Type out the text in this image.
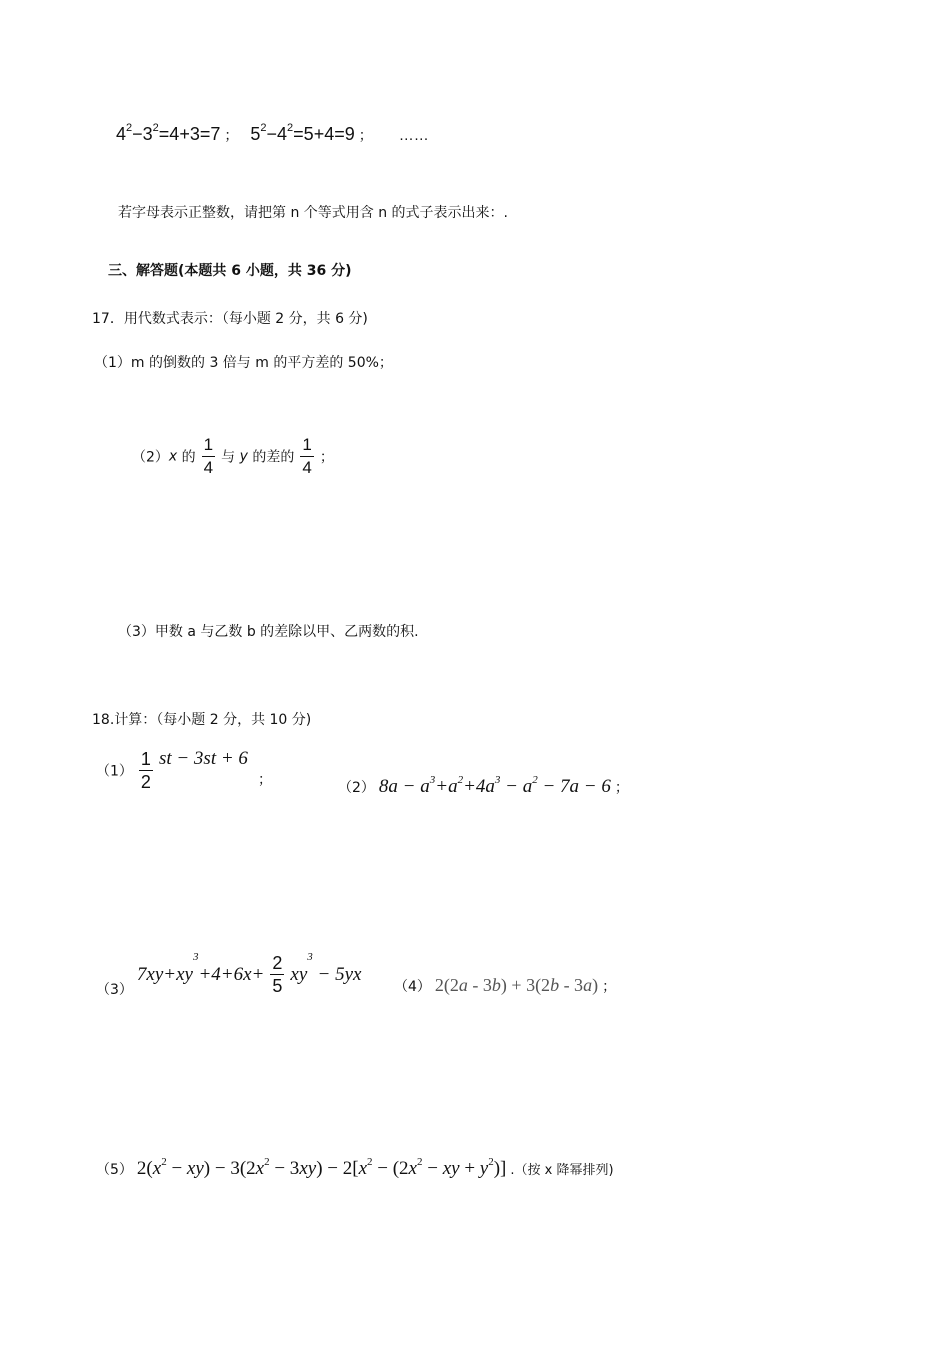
$4^2-3^2=4+3=7$ ； $5^2-4^2=5+4=9$ ； ……
若字母表示正整数，请把第 n 个等式用含 n 的式子表示出来：.
三、解答题(本题共 6 小题，共 36 分)
17．用代数式表示：（每小题 2 分，共 6 分)
（1）m 的倒数的 3 倍与 m 的平方差的 50%；
（2）x 的 $\frac{1}{4}$ 与 y 的差的 $\frac{1}{4}$ ；
（3）甲数 a 与乙数 b 的差除以甲、乙两数的积.
18.计算：（每小题 2 分，共 10 分)
$(1) \frac{1}{2}$ st − 3st + 6 ；
（2） $8a - a^3+a^2+4a^3 - a^2 - 7a - 6$ ；
（3） $7xy+xy^3+4+6x+ \frac{2}{5} xy^3 - 5yx$
（4） 2(2a - 3b) + 3(2b - 3a) ；
（5） $2(x^2 - xy) - 3(2x^2 - 3xy) - 2[x^2 - (2x^2$ − xy + $y^2$)] .（按 x 降幂排列)
